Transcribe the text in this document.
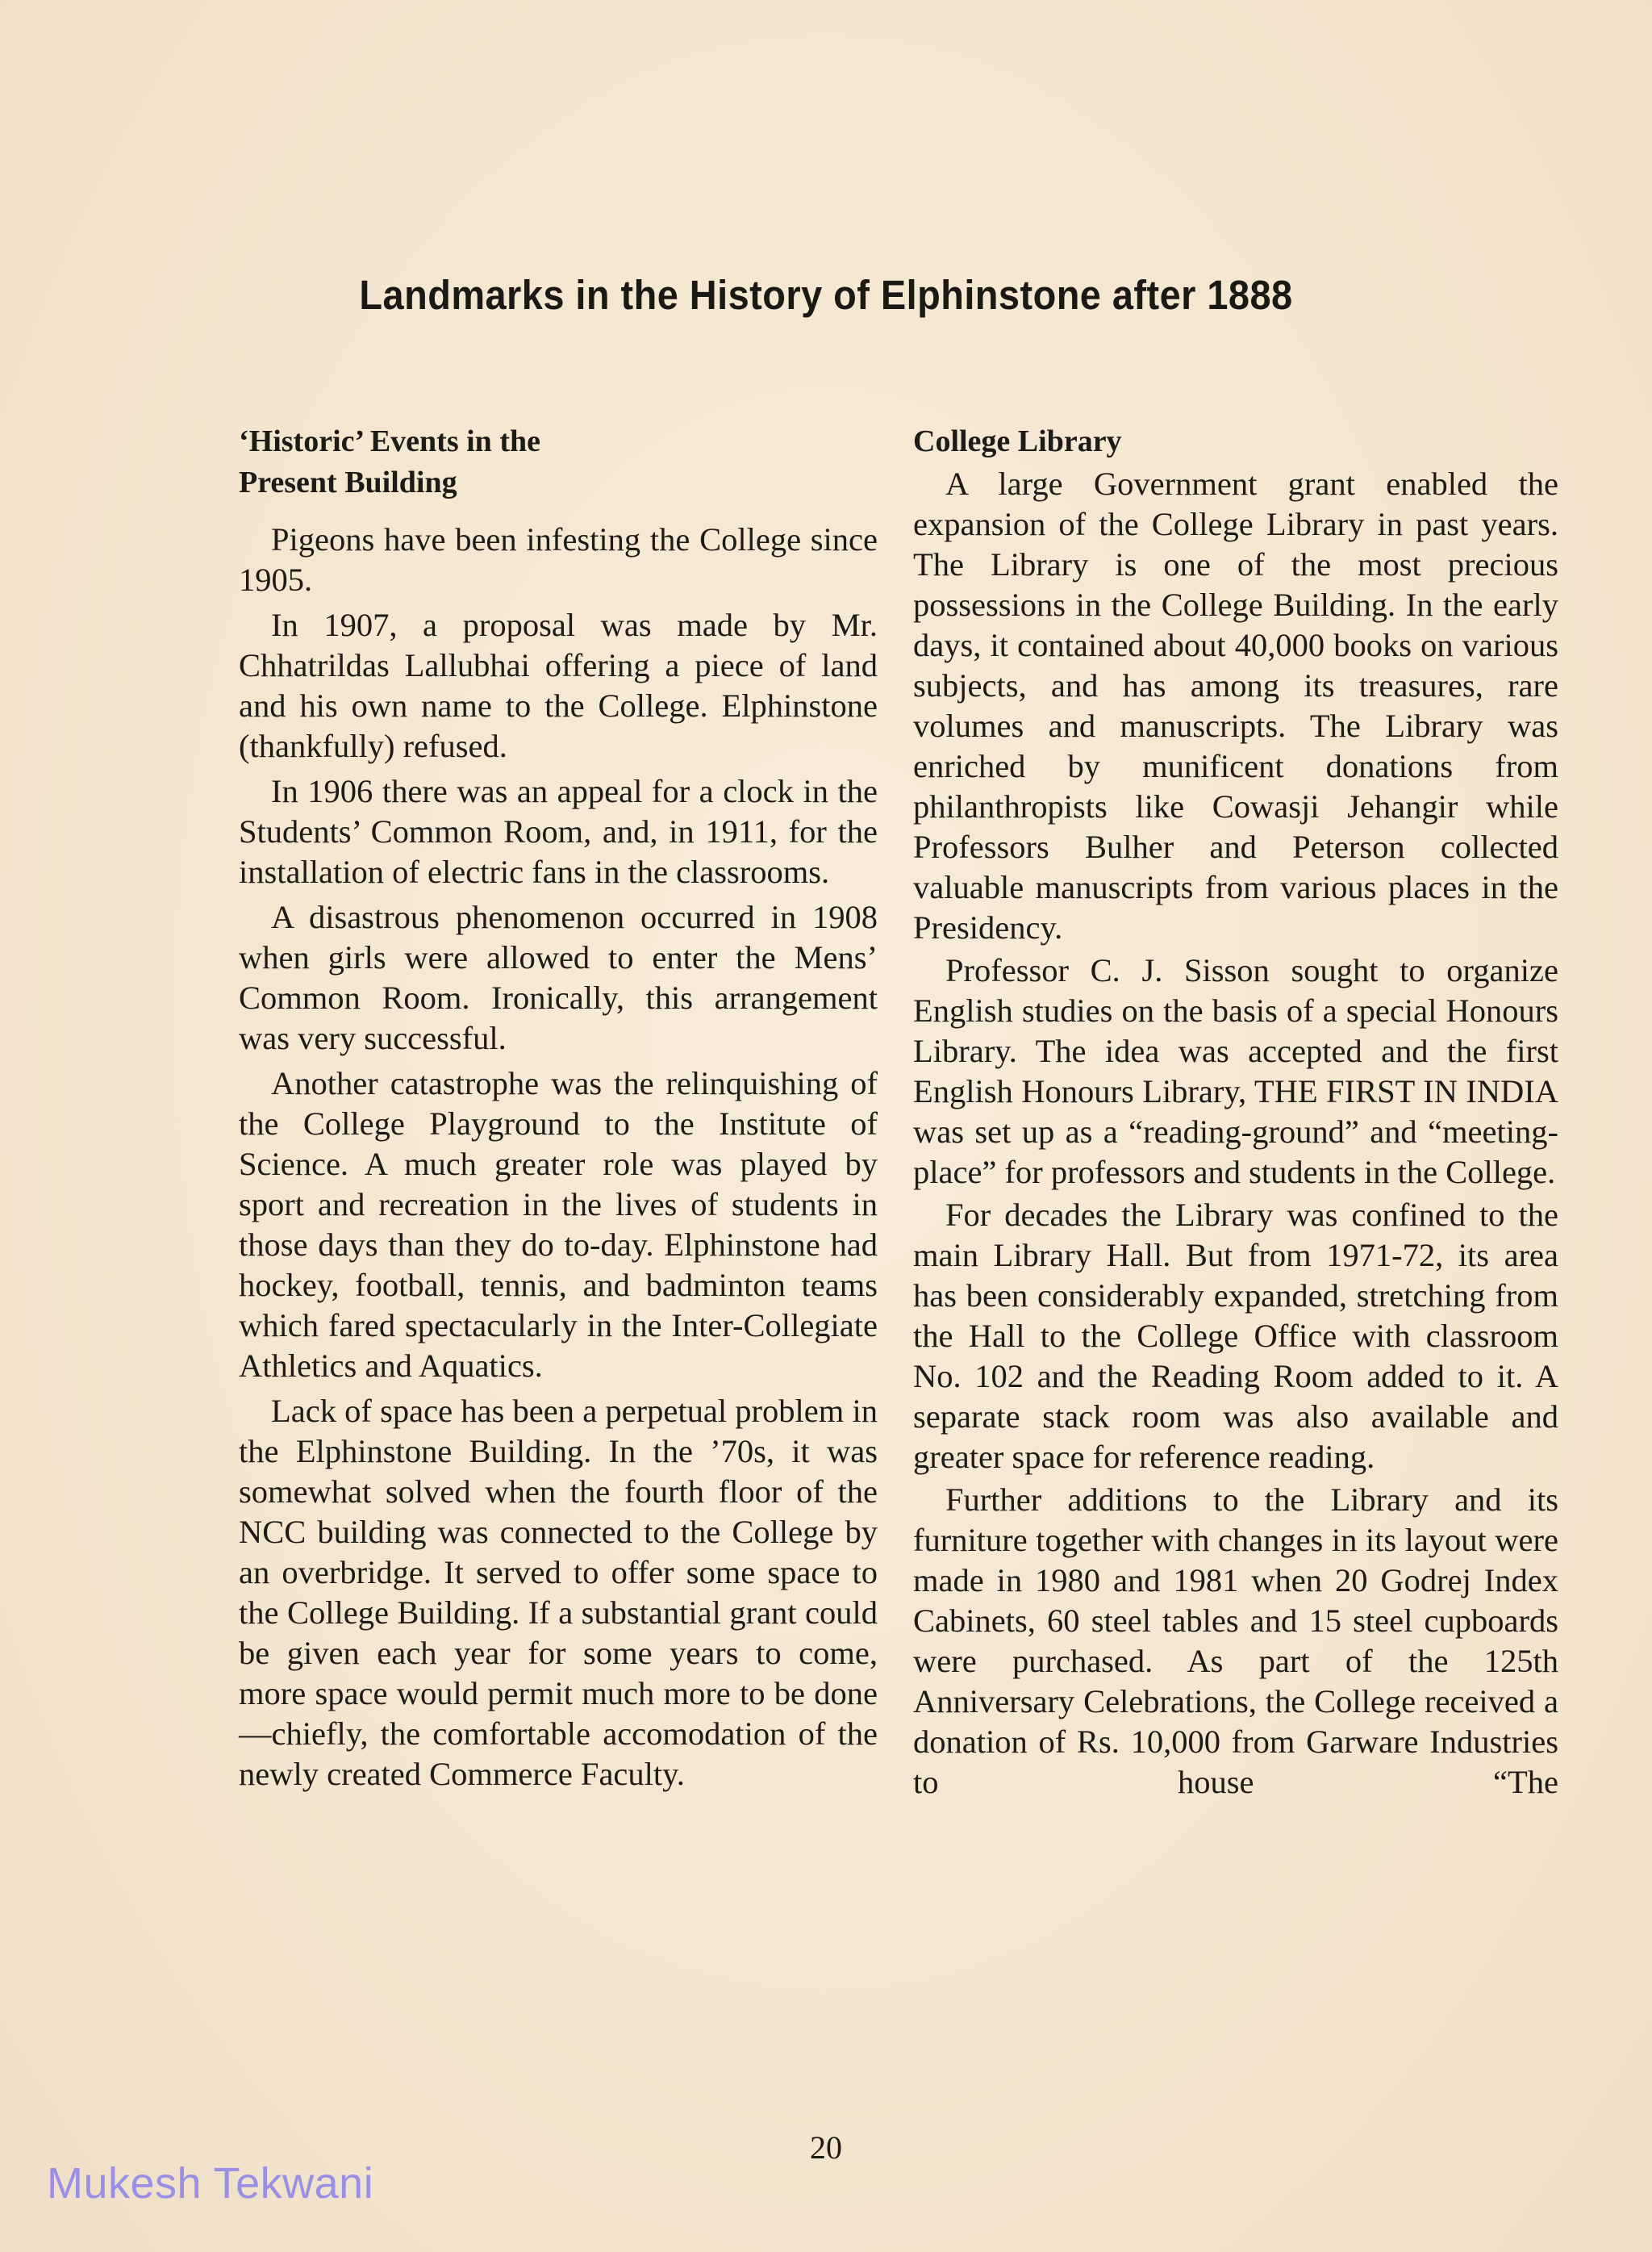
Landmarks in the History of Elphinstone after 1888
‘Historic’ Events in the
Present Building

Pigeons have been infesting the College since 1905.

In 1907, a proposal was made by Mr. Chhatrildas Lallubhai offering a piece of land and his own name to the College. Elphinstone (thankfully) refused.

In 1906 there was an appeal for a clock in the Students’ Common Room, and, in 1911, for the installation of electric fans in the classrooms.

A disastrous phenomenon occurred in 1908 when girls were allowed to enter the Mens’ Common Room. Ironically, this arrangement was very successful.

Another catastrophe was the relinquishing of the College Playground to the Institute of Science. A much greater role was played by sport and recreation in the lives of students in those days than they do to-day. Elphinstone had hockey, football, tennis, and badminton teams which fared spectacularly in the Inter-Collegiate Athletics and Aquatics.

Lack of space has been a perpetual problem in the Elphinstone Building. In the ’70s, it was somewhat solved when the fourth floor of the NCC building was connected to the College by an overbridge. It served to offer some space to the College Building. If a substantial grant could be given each year for some years to come, more space would permit much more to be done—chiefly, the comfortable accomodation of the newly created Commerce Faculty.

College Library

A large Government grant enabled the expansion of the College Library in past years. The Library is one of the most precious possessions in the College Building. In the early days, it contained about 40,000 books on various subjects, and has among its treasures, rare volumes and manuscripts. The Library was enriched by munificent donations from philanthropists like Cowasji Jehangir while Professors Bulher and Peterson collected valuable manuscripts from various places in the Presidency.

Professor C. J. Sisson sought to organize English studies on the basis of a special Honours Library. The idea was accepted and the first English Honours Library, THE FIRST IN INDIA was set up as a “reading-ground” and “meeting-place” for professors and students in the College.

For decades the Library was confined to the main Library Hall. But from 1971-72, its area has been considerably expanded, stretching from the Hall to the College Office with classroom No. 102 and the Reading Room added to it. A separate stack room was also available and greater space for reference reading.

Further additions to the Library and its furniture together with changes in its layout were made in 1980 and 1981 when 20 Godrej Index Cabinets, 60 steel tables and 15 steel cupboards were purchased. As part of the 125th Anniversary Celebrations, the College received a donation of Rs. 10,000 from Garware Industries to house “The

20
Mukesh Tekwani
